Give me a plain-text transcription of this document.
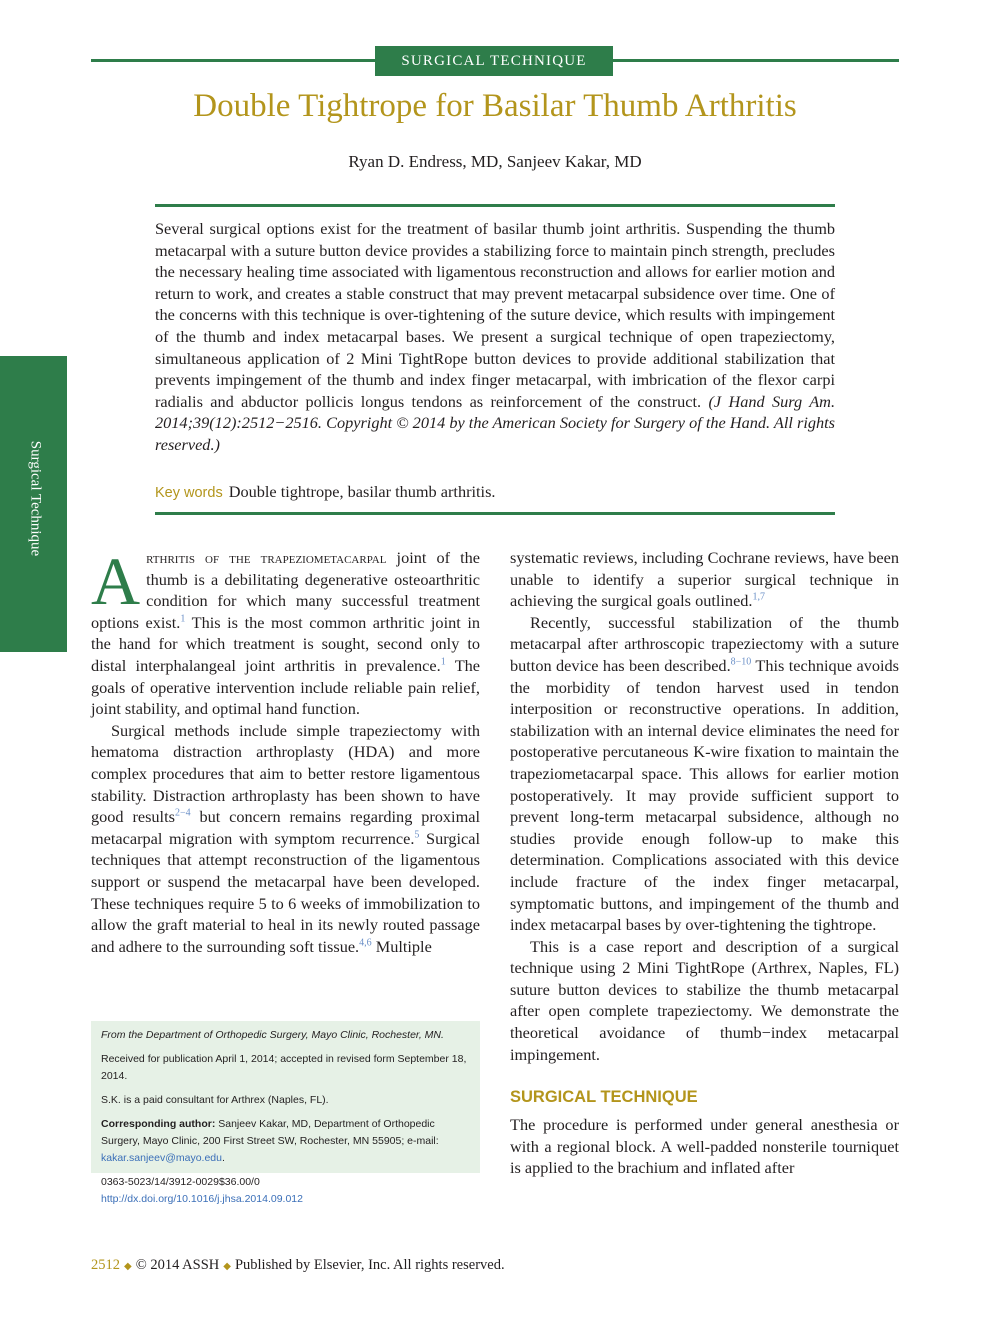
SURGICAL TECHNIQUE
Double Tightrope for Basilar Thumb Arthritis
Ryan D. Endress, MD, Sanjeev Kakar, MD
Surgical Technique
Several surgical options exist for the treatment of basilar thumb joint arthritis. Suspending the thumb metacarpal with a suture button device provides a stabilizing force to maintain pinch strength, precludes the necessary healing time associated with ligamentous reconstruction and allows for earlier motion and return to work, and creates a stable construct that may prevent metacarpal subsidence over time. One of the concerns with this technique is over-tightening of the suture device, which results with impingement of the thumb and index metacarpal bases. We present a surgical technique of open trapeziectomy, simultaneous application of 2 Mini TightRope button devices to provide additional stabilization that prevents impingement of the thumb and index finger metacarpal, with imbrication of the flexor carpi radialis and abductor pollicis longus tendons as reinforcement of the construct. (J Hand Surg Am. 2014;39(12):2512−2516. Copyright © 2014 by the American Society for Surgery of the Hand. All rights reserved.)
Key words Double tightrope, basilar thumb arthritis.

Arthritis of the trapeziometacarpal joint of the thumb is a debilitating degenerative osteoarthritic condition for which many successful treatment options exist.$^1$ This is the most common arthritic joint in the hand for which treatment is sought, second only to distal interphalangeal joint arthritis in prevalence.$^1$ The goals of operative intervention include reliable pain relief, joint stability, and optimal hand function.

Surgical methods include simple trapeziectomy with hematoma distraction arthroplasty (HDA) and more complex procedures that aim to better restore ligamentous stability. Distraction arthroplasty has been shown to have good results$^{2-4}$ but concern remains regarding proximal metacarpal migration with symptom recurrence.$^5$ Surgical techniques that attempt reconstruction of the ligamentous support or suspend the metacarpal have been developed. These techniques require 5 to 6 weeks of immobilization to allow the graft material to heal in its newly routed passage and adhere to the surrounding soft tissue.$^{4,6}$ Multiple

From the Department of Orthopedic Surgery, Mayo Clinic, Rochester, MN.

Received for publication April 1, 2014; accepted in revised form September 18, 2014.

S.K. is a paid consultant for Arthrex (Naples, FL).

Corresponding author: Sanjeev Kakar, MD, Department of Orthopedic Surgery, Mayo Clinic, 200 First Street SW, Rochester, MN 55905; e-mail: kakar.sanjeev@mayo.edu.

0363-5023/14/3912-0029$36.00/0
http://dx.doi.org/10.1016/j.jhsa.2014.09.012

systematic reviews, including Cochrane reviews, have been unable to identify a superior surgical technique in achieving the surgical goals outlined.$^{1,7}$

Recently, successful stabilization of the thumb metacarpal after arthroscopic trapeziectomy with a suture button device has been described.$^{8-10}$ This technique avoids the morbidity of tendon harvest used in tendon interposition or reconstructive operations. In addition, stabilization with an internal device eliminates the need for postoperative percutaneous K-wire fixation to maintain the trapeziometacarpal space. This allows for earlier motion postoperatively. It may provide sufficient support to prevent long-term metacarpal subsidence, although no studies provide enough follow-up to make this determination. Complications associated with this device include fracture of the index finger metacarpal, symptomatic buttons, and impingement of the thumb and index metacarpal bases by over-tightening the tightrope.

This is a case report and description of a surgical technique using 2 Mini TightRope (Arthrex, Naples, FL) suture button devices to stabilize the thumb metacarpal after open complete trapeziectomy. We demonstrate the theoretical avoidance of thumb−index metacarpal impingement.

SURGICAL TECHNIQUE

The procedure is performed under general anesthesia or with a regional block. A well-padded nonsterile tourniquet is applied to the brachium and inflated after

2512 ◆ © 2014 ASSH ◆ Published by Elsevier, Inc. All rights reserved.
